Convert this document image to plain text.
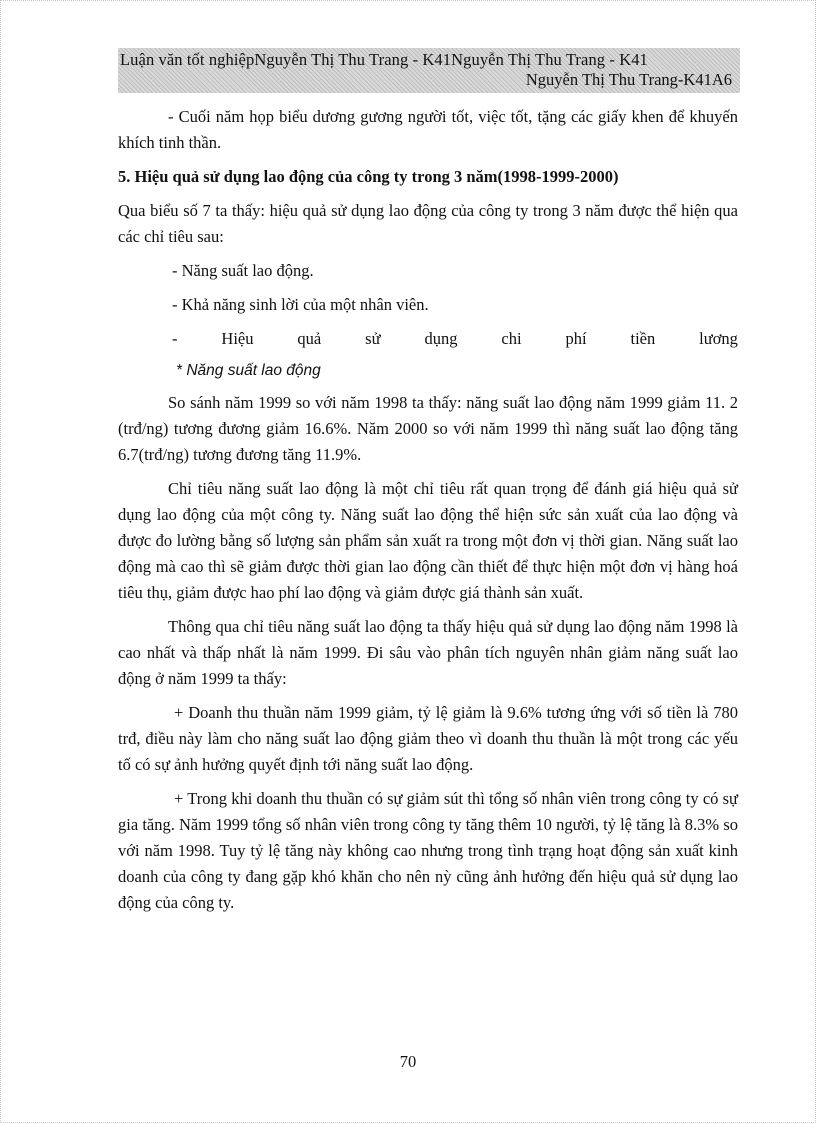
Luận văn tốt nghiệpNguyễn Thị Thu Trang - K41Nguyễn Thị Thu Trang - K41
Nguyễn Thị Thu Trang-K41A6

- Cuối năm họp biểu dương gương người tốt, việc tốt, tặng các giấy khen để khuyến khích tinh thần.

5. Hiệu quả sử dụng lao động của công ty trong 3 năm(1998-1999-2000)

Qua biểu số 7 ta thấy: hiệu quả sử dụng lao động của công ty trong 3 năm được thể hiện qua các chỉ tiêu sau:

- Năng suất lao động.

- Khả năng sinh lời của một nhân viên.

-	Hiệu	quả	sử	dụng	chi	phí	tiền	lương

* Năng suất lao động

So sánh năm 1999 so với năm 1998 ta thấy: năng suất lao động năm 1999 giảm 11. 2 (trđ/ng) tương đương giảm 16.6%. Năm 2000 so với năm 1999 thì năng suất lao động tăng 6.7(trđ/ng) tương đương tăng 11.9%.

Chỉ tiêu năng suất lao động là một chỉ tiêu rất quan trọng để đánh giá hiệu quả sử dụng lao động của một công ty. Năng suất lao động thể hiện sức sản xuất của lao động và được đo lường bằng số lượng sản phẩm sản xuất ra trong một đơn vị thời gian. Năng suất lao động mà cao thì sẽ giảm được thời gian lao động cần thiết để thực hiện một đơn vị hàng hoá tiêu thụ, giảm được hao phí lao động và giảm được giá thành sản xuất.

Thông qua chỉ tiêu năng suất lao động ta thấy hiệu quả sử dụng lao động năm 1998 là cao nhất và thấp nhất là năm 1999. Đi sâu vào phân tích nguyên nhân giảm năng suất lao động ở năm 1999 ta thấy:

+ Doanh thu thuần năm 1999 giảm, tỷ lệ giảm là 9.6% tương ứng với số tiền là 780 trđ, điều này làm cho năng suất lao động giảm theo vì doanh thu thuần là một trong các yếu tố có sự ảnh hưởng quyết định tới năng suất lao động.

+ Trong khi doanh thu thuần có sự giảm sút thì tổng số nhân viên trong công ty có sự gia tăng. Năm 1999 tổng số nhân viên trong công ty tăng thêm 10 người, tỷ lệ tăng là 8.3% so với năm 1998. Tuy tỷ lệ tăng này không cao nhưng trong tình trạng hoạt động sản xuất kinh doanh của công ty đang gặp khó khăn cho nên nỳ cũng ảnh hưởng đến hiệu quả sử dụng lao động của công ty.

70
